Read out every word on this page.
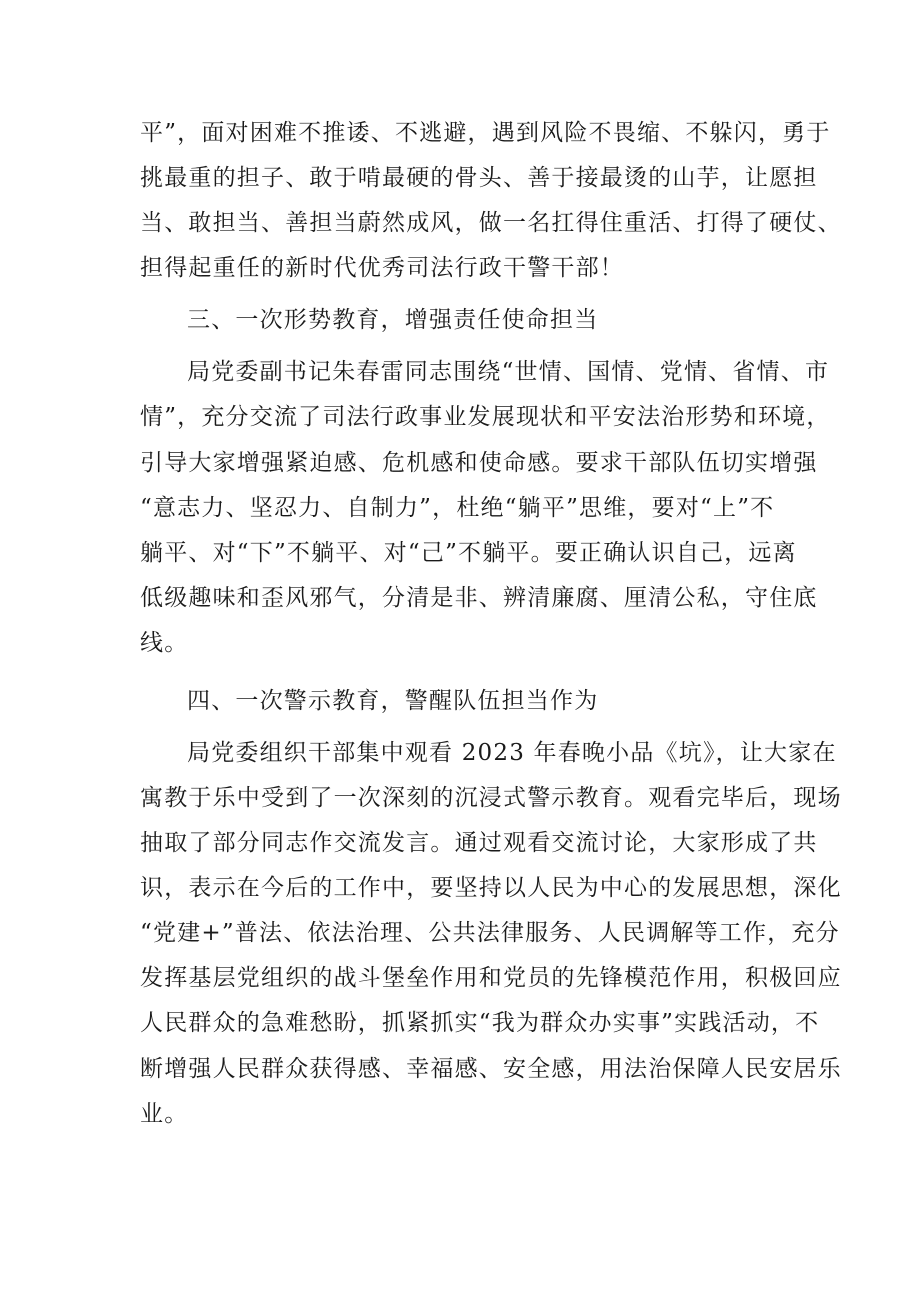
平”，面对困难不推诿、不逃避，遇到风险不畏缩、不躲闪，勇于
挑最重的担子、敢于啃最硬的骨头、善于接最烫的山芋，让愿担
当、敢担当、善担当蔚然成风，做一名扛得住重活、打得了硬仗、
担得起重任的新时代优秀司法行政干警干部！
三、一次形势教育，增强责任使命担当
局党委副书记朱春雷同志围绕“世情、国情、党情、省情、市
情”，充分交流了司法行政事业发展现状和平安法治形势和环境，
引导大家增强紧迫感、危机感和使命感。要求干部队伍切实增强
“意志力、坚忍力、自制力”，杜绝“躺平”思维，要对“上”不
躺平、对“下”不躺平、对“己”不躺平。要正确认识自己，远离
低级趣味和歪风邪气，分清是非、辨清廉腐、厘清公私，守住底
线。
四、一次警示教育，警醒队伍担当作为
局党委组织干部集中观看 2023 年春晚小品《坑》，让大家在
寓教于乐中受到了一次深刻的沉浸式警示教育。观看完毕后，现场
抽取了部分同志作交流发言。通过观看交流讨论，大家形成了共
识，表示在今后的工作中，要坚持以人民为中心的发展思想，深化
“党建+”普法、依法治理、公共法律服务、人民调解等工作，充分
发挥基层党组织的战斗堡垒作用和党员的先锋模范作用，积极回应
人民群众的急难愁盼，抓紧抓实“我为群众办实事”实践活动，不
断增强人民群众获得感、幸福感、安全感，用法治保障人民安居乐
业。
